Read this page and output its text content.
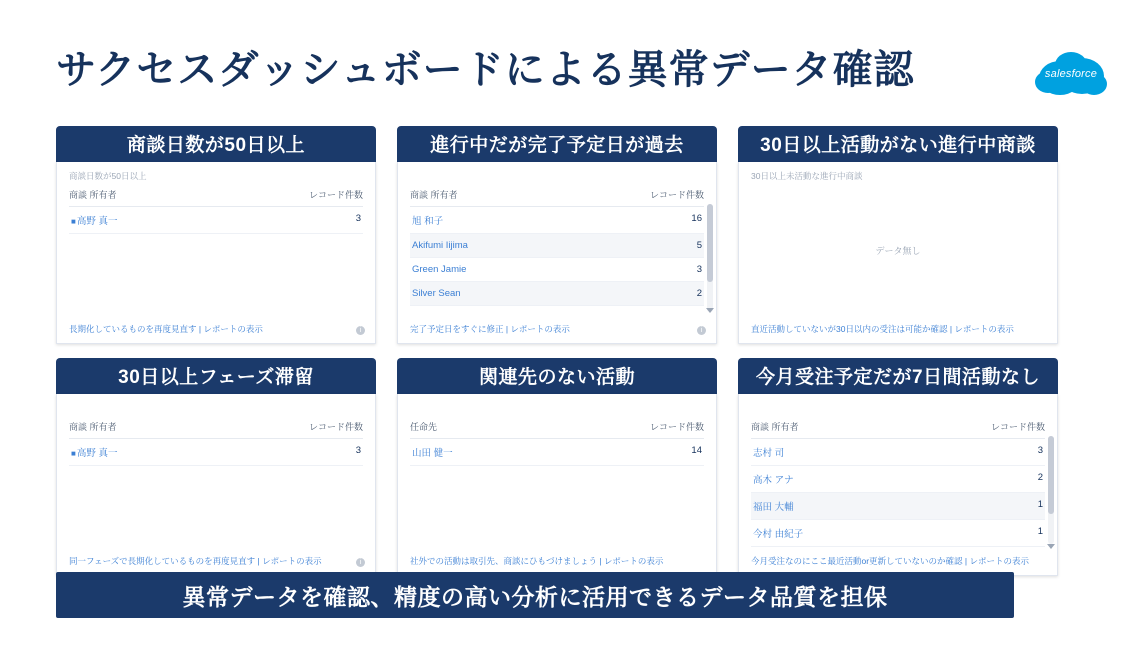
サクセスダッシュボードによる異常データ確認	salesforce
商談日数が50日以上
商談日数が50日以上
商談 所有者	レコード件数
■高野 真一	3
長期化しているものを再度見直す | レポートの表示	i
進行中だが完了予定日が過去
商談 所有者	レコード件数
旭 和子	16
Akifumi Iijima	5
Green Jamie	3
Silver Sean	2
完了予定日をすぐに修正 | レポートの表示	i
30日以上活動がない進行中商談
30日以上未活動な進行中商談
データ無し
直近活動していないが30日以内の受注は可能か確認 | レポートの表示
30日以上フェーズ滞留
商談 所有者	レコード件数
■高野 真一	3
同一フェーズで長期化しているものを再度見直す | レポートの表示	i
関連先のない活動
任命先	レコード件数
山田 健一	14
社外での活動は取引先、商談にひもづけましょう | レポートの表示
今月受注予定だが7日間活動なし
商談 所有者	レコード件数
志村 司	3
高木 アナ	2
福田 大輔	1
今村 由紀子	1
今月受注なのにここ最近活動or更新していないのか確認 | レポートの表示
異常データを確認、精度の高い分析に活用できるデータ品質を担保
